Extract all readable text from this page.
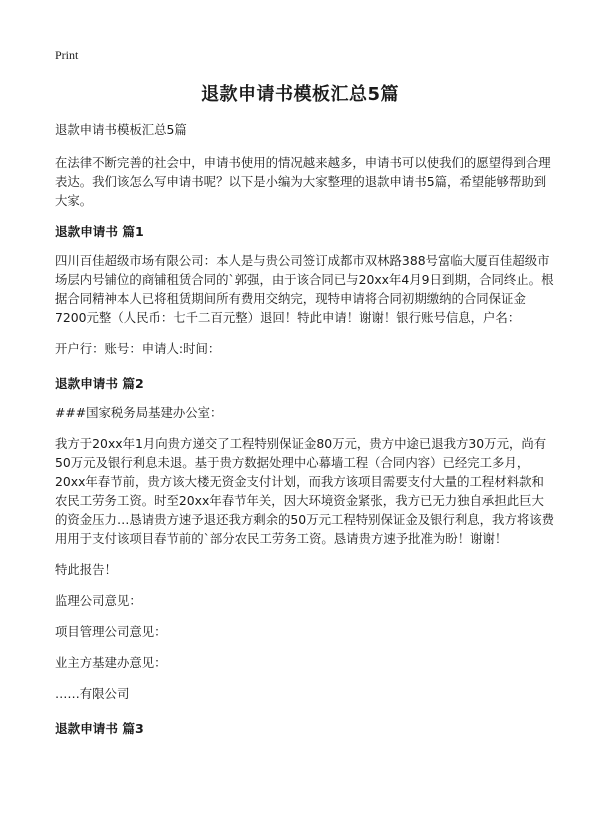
Print
退款申请书模板汇总5篇

退款申请书模板汇总5篇

在法律不断完善的社会中，申请书使用的情况越来越多，申请书可以使我们的愿望得到合理表达。我们该怎么写申请书呢？以下是小编为大家整理的退款申请书5篇，希望能够帮助到大家。

退款申请书 篇1

四川百佳超级市场有限公司：本人是与贵公司签订成都市双林路388号富临大厦百佳超级市场层内号铺位的商铺租赁合同的`郭强，由于该合同已与20xx年4月9日到期，合同终止。根据合同精神本人已将租赁期间所有费用交纳完，现特申请将合同初期缴纳的合同保证金7200元整（人民币：七千二百元整）退回！特此申请！谢谢！银行账号信息，户名：

开户行：账号：申请人:时间：

退款申请书 篇2

###国家税务局基建办公室：

我方于20xx年1月向贵方递交了工程特别保证金80万元，贵方中途已退我方30万元，尚有50万元及银行利息未退。基于贵方数据处理中心幕墙工程（合同内容）已经完工多月，20xx年春节前，贵方该大楼无资金支付计划，而我方该项目需要支付大量的工程材料款和农民工劳务工资。时至20xx年春节年关，因大环境资金紧张，我方已无力独自承担此巨大的资金压力…恳请贵方速予退还我方剩余的50万元工程特别保证金及银行利息，我方将该费用用于支付该项目春节前的`部分农民工劳务工资。恳请贵方速予批准为盼！谢谢！

特此报告！

监理公司意见：

项目管理公司意见：

业主方基建办意见：

……有限公司

退款申请书 篇3
